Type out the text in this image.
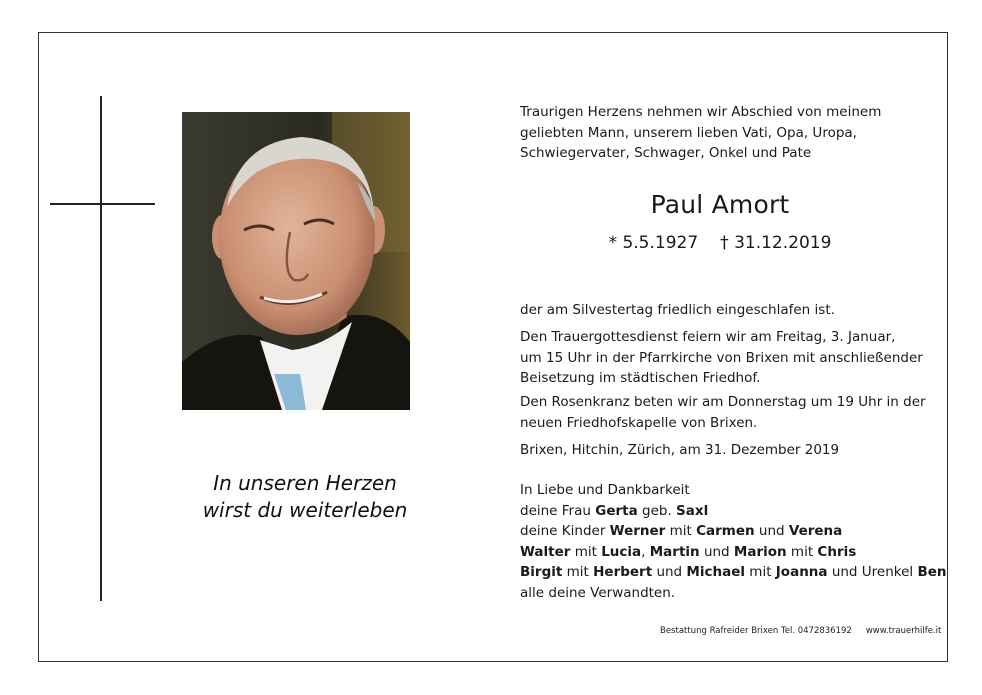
In unseren Herzen
wirst du weiterleben
Traurigen Herzens nehmen wir Abschied von meinem
geliebten Mann, unserem lieben Vati, Opa, Uropa,
Schwiegervater, Schwager, Onkel und Pate
Paul Amort
* 5.5.1927 † 31.12.2019
der am Silvestertag friedlich eingeschlafen ist.
Den Trauergottesdienst feiern wir am Freitag, 3. Januar,
um 15 Uhr in der Pfarrkirche von Brixen mit anschließender
Beisetzung im städtischen Friedhof.
Den Rosenkranz beten wir am Donnerstag um 19 Uhr in der
neuen Friedhofskapelle von Brixen.
Brixen, Hitchin, Zürich, am 31. Dezember 2019
In Liebe und Dankbarkeit
deine Frau Gerta geb. Saxl
deine Kinder Werner mit Carmen und Verena
Walter mit Lucia, Martin und Marion mit Chris
Birgit mit Herbert und Michael mit Joanna und Urenkel Ben
alle deine Verwandten.
Bestattung Rafreider Brixen Tel. 0472836192 www.trauerhilfe.it
